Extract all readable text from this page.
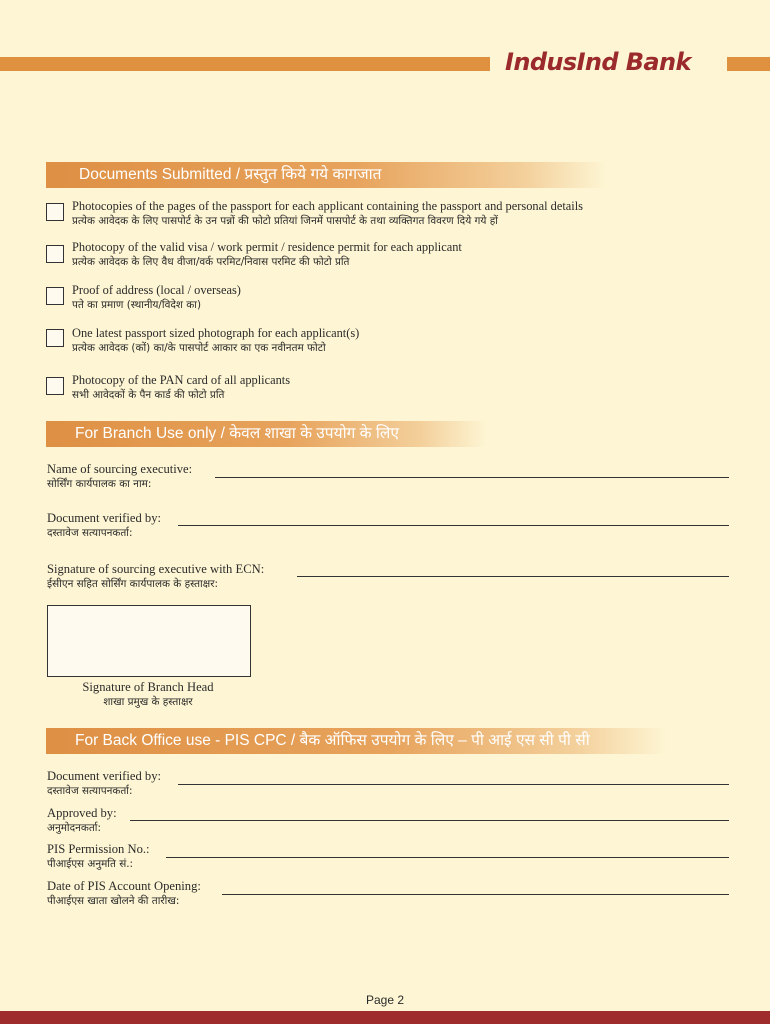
IndusInd Bank
Documents Submitted / प्रस्तुत किये गये कागजात
Photocopies of the pages of the passport for each applicant containing the passport and personal details
प्रत्येक आवेदक के लिए पासपोर्ट के उन पन्नों की फोटो प्रतियां जिनमें पासपोर्ट के तथा व्यक्तिगत विवरण दिये गये हों
Photocopy of the valid visa / work permit / residence permit for each applicant
प्रत्येक आवेदक के लिए वैध वीजा/वर्क परमिट/निवास परमिट की फोटो प्रति
Proof of address (local / overseas)
पते का प्रमाण (स्थानीय/विदेश का)
One latest passport sized photograph for each applicant(s)
प्रत्येक आवेदक (कों) का/के पासपोर्ट आकार का एक नवीनतम फोटो
Photocopy of the PAN card of all applicants
सभी आवेदकों के पैन कार्ड की फोटो प्रति
For Branch Use only / केवल शाखा के उपयोग के लिए
Name of sourcing executive:
सोर्सिंग कार्यपालक का नाम:
Document verified by:
दस्तावेज सत्यापनकर्ता:
Signature of sourcing executive with ECN:
ईसीएन सहित सोर्सिंग कार्यपालक के हस्ताक्षर:
Signature of Branch Head
शाखा प्रमुख के हस्ताक्षर
For Back Office use - PIS CPC / बैक ऑफिस उपयोग के लिए – पी आई एस सी पी सी
Document verified by:
दस्तावेज सत्यापनकर्ता:
Approved by:
अनुमोदनकर्ता:
PIS Permission No.:
पीआईएस अनुमति सं.:
Date of PIS Account Opening:
पीआईएस खाता खोलने की तारीख:
Page 2
